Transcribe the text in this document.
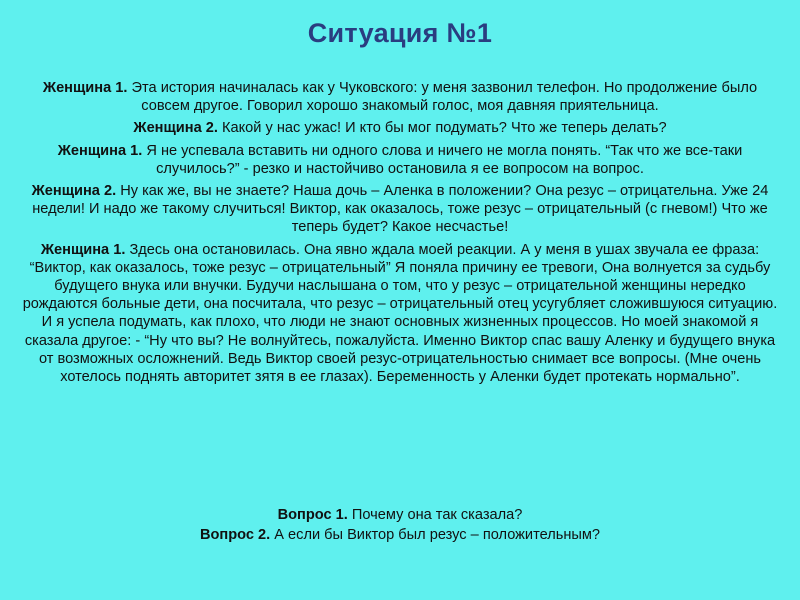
Ситуация №1

Женщина 1. Эта история начиналась как у Чуковского: у меня зазвонил телефон. Но продолжение было совсем другое. Говорил хорошо знакомый голос, моя давняя приятельница.

Женщина 2. Какой у нас ужас! И кто бы мог подумать? Что же теперь делать?

Женщина 1. Я не успевала вставить ни одного слова и ничего не могла понять. “Так что же все-таки случилось?” - резко и настойчиво остановила я ее вопросом на вопрос.

Женщина 2. Ну как же, вы не знаете? Наша дочь – Аленка в положении? Она резус – отрицательна. Уже 24 недели! И надо же такому случиться! Виктор, как оказалось, тоже резус – отрицательный (с гневом!) Что же теперь будет? Какое несчастье!

Женщина 1. Здесь она остановилась. Она явно ждала моей реакции. А у меня в ушах звучала ее фраза: “Виктор, как оказалось, тоже резус – отрицательный” Я поняла причину ее тревоги, Она волнуется за судьбу будущего внука или внучки. Будучи наслышана о том, что у резус – отрицательной женщины нередко рождаются больные дети, она посчитала, что резус – отрицательный отец усугубляет сложившуюся ситуацию. И я успела подумать, как плохо, что люди не знают основных жизненных процессов. Но моей знакомой я сказала другое: - “Ну что вы? Не волнуйтесь, пожалуйста. Именно Виктор спас вашу Аленку и будущего внука от возможных осложнений. Ведь Виктор своей резус-отрицательностью снимает все вопросы. (Мне очень хотелось поднять авторитет зятя в ее глазах). Беременность у Аленки будет протекать нормально”.

Вопрос 1. Почему она так сказала?

Вопрос 2. А если бы Виктор был резус – положительным?
